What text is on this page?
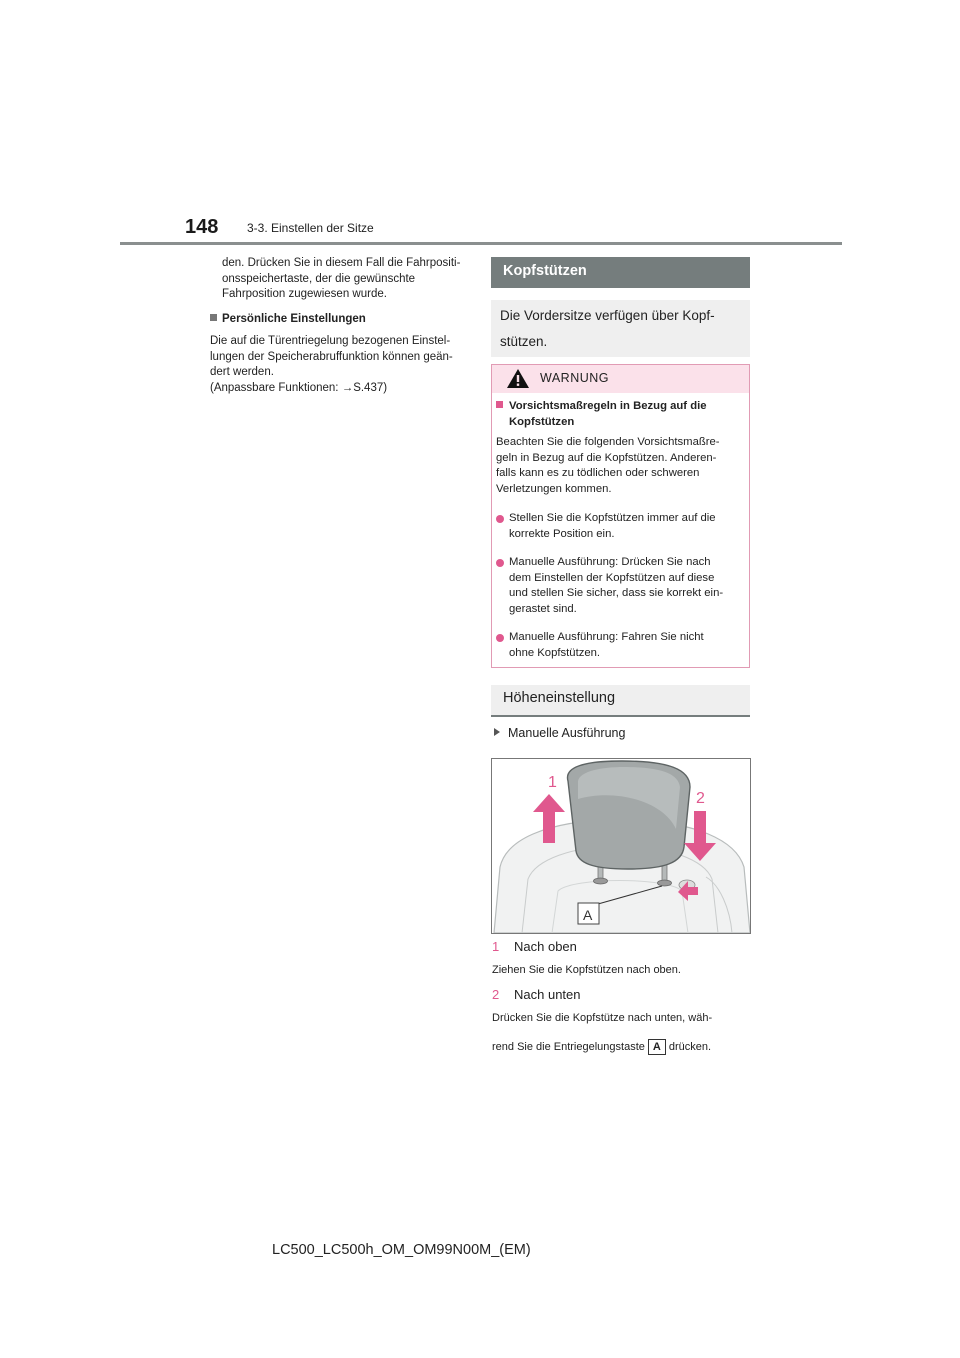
148 3-3. Einstellen der Sitze
den. Drücken Sie in diesem Fall die Fahrpositi-
onsspeichertaste, der die gewünschte
Fahrposition zugewiesen wurde.
Persönliche Einstellungen
Die auf die Türentriegelung bezogenen Einstel-
lungen der Speicherabruffunktion können geän-
dert werden.
(Anpassbare Funktionen: →S.437)
Kopfstützen
Die Vordersitze verfügen über Kopf-
stützen.
WARNUNG
Vorsichtsmaßregeln in Bezug auf die
Kopfstützen
Beachten Sie die folgenden Vorsichtsmaßre-
geln in Bezug auf die Kopfstützen. Anderen-
falls kann es zu tödlichen oder schweren
Verletzungen kommen.
Stellen Sie die Kopfstützen immer auf die
korrekte Position ein.
Manuelle Ausführung: Drücken Sie nach
dem Einstellen der Kopfstützen auf diese
und stellen Sie sicher, dass sie korrekt ein-
gerastet sind.
Manuelle Ausführung: Fahren Sie nicht
ohne Kopfstützen.
Höheneinstellung
Manuelle Ausführung
1
2
A
1 Nach oben
Ziehen Sie die Kopfstützen nach oben.
2 Nach unten
Drücken Sie die Kopfstütze nach unten, wäh-
rend Sie die Entriegelungstaste A drücken.
LC500_LC500h_OM_OM99N00M_(EM)
